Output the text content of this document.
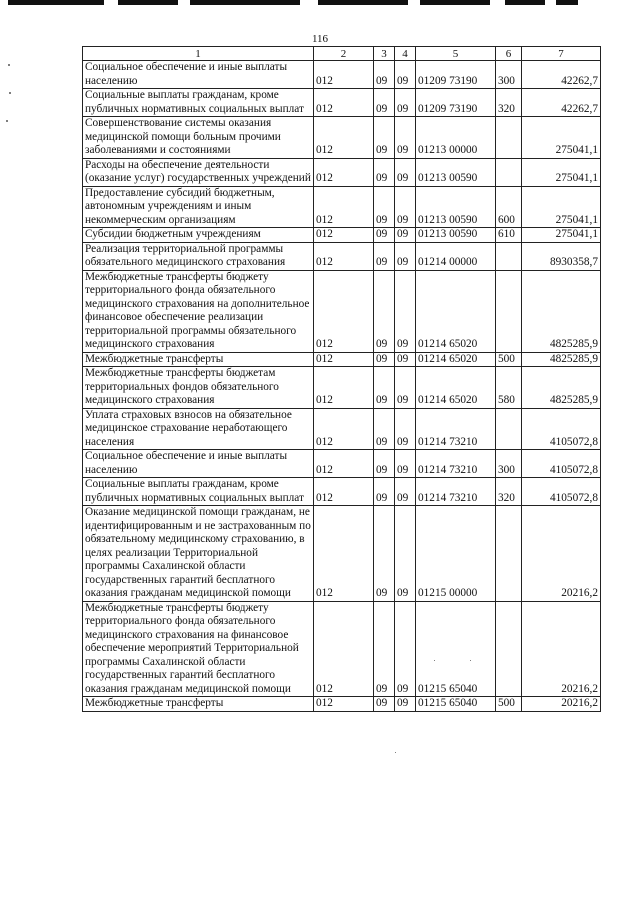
116
1	2	3	4	5	6	7
Социальное обеспечение и иные выплаты населению	012	09	09	01209 73190	300	42262,7
Социальные выплаты гражданам, кроме публичных нормативных социальных выплат	012	09	09	01209 73190	320	42262,7
Совершенствование системы оказания медицинской помощи больным прочими заболеваниями и состояниями	012	09	09	01213 00000		275041,1
Расходы на обеспечение деятельности (оказание услуг) государственных учреждений	012	09	09	01213 00590		275041,1
Предоставление субсидий бюджетным, автономным учреждениям и иным некоммерческим организациям	012	09	09	01213 00590	600	275041,1
Субсидии бюджетным учреждениям	012	09	09	01213 00590	610	275041,1
Реализация территориальной программы обязательного медицинского страхования	012	09	09	01214 00000		8930358,7
Межбюджетные трансферты бюджету территориального фонда обязательного медицинского страхования на дополнительное финансовое обеспечение реализации территориальной программы обязательного медицинского страхования	012	09	09	01214 65020		4825285,9
Межбюджетные трансферты	012	09	09	01214 65020	500	4825285,9
Межбюджетные трансферты бюджетам территориальных фондов обязательного медицинского страхования	012	09	09	01214 65020	580	4825285,9
Уплата страховых взносов на обязательное медицинское страхование неработающего населения	012	09	09	01214 73210		4105072,8
Социальное обеспечение и иные выплаты населению	012	09	09	01214 73210	300	4105072,8
Социальные выплаты гражданам, кроме публичных нормативных социальных выплат	012	09	09	01214 73210	320	4105072,8
Оказание медицинской помощи гражданам, не идентифицированным и не застрахованным по обязательному медицинскому страхованию, в целях реализации Территориальной программы Сахалинской области государственных гарантий бесплатного оказания гражданам медицинской помощи	012	09	09	01215 00000		20216,2
Межбюджетные трансферты бюджету территориального фонда обязательного медицинского страхования на финансовое обеспечение мероприятий Территориальной программы Сахалинской области государственных гарантий бесплатного оказания гражданам медицинской помощи	012	09	09	01215 65040		20216,2
Межбюджетные трансферты	012	09	09	01215 65040	500	20216,2
